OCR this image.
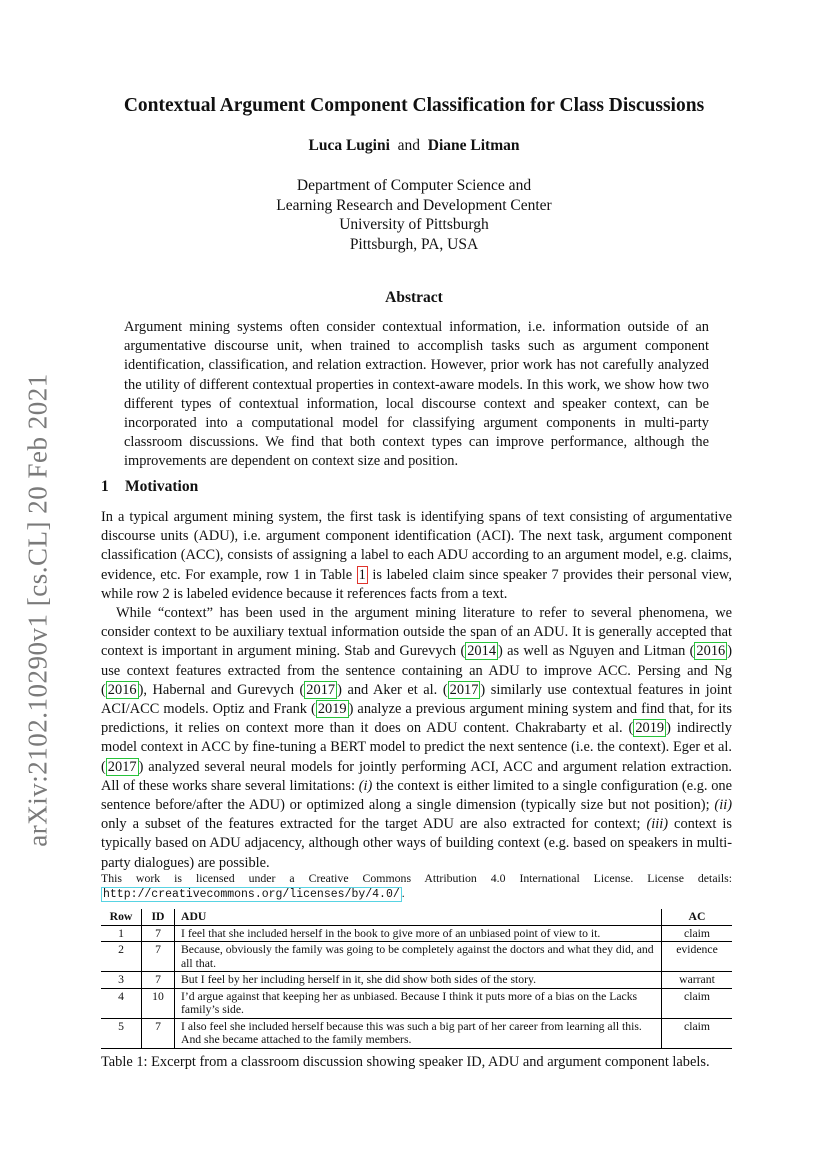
arXiv:2102.10290v1 [cs.CL] 20 Feb 2021
Contextual Argument Component Classification for Class Discussions
Luca Lugini and Diane Litman
Department of Computer Science and
Learning Research and Development Center
University of Pittsburgh
Pittsburgh, PA, USA
Abstract
Argument mining systems often consider contextual information, i.e. information outside of an argumentative discourse unit, when trained to accomplish tasks such as argument component identification, classification, and relation extraction. However, prior work has not carefully analyzed the utility of different contextual properties in context-aware models. In this work, we show how two different types of contextual information, local discourse context and speaker context, can be incorporated into a computational model for classifying argument components in multi-party classroom discussions. We find that both context types can improve performance, although the improvements are dependent on context size and position.
1 Motivation

In a typical argument mining system, the first task is identifying spans of text consisting of argumentative discourse units (ADU), i.e. argument component identification (ACI). The next task, argument component classification (ACC), consists of assigning a label to each ADU according to an argument model, e.g. claims, evidence, etc. For example, row 1 in Table 1 is labeled claim since speaker 7 provides their personal view, while row 2 is labeled evidence because it references facts from a text.

While “context” has been used in the argument mining literature to refer to several phenomena, we consider context to be auxiliary textual information outside the span of an ADU. It is generally accepted that context is important in argument mining. Stab and Gurevych ( 2014 ) as well as Nguyen and Litman ( 2016 ) use context features extracted from the sentence containing an ADU to improve ACC. Persing and Ng ( 2016 ), Habernal and Gurevych ( 2017 ) and Aker et al. ( 2017 ) similarly use contextual features in joint ACI/ACC models. Optiz and Frank ( 2019 ) analyze a previous argument mining system and find that, for its predictions, it relies on context more than it does on ADU content. Chakrabarty et al. ( 2019 ) indirectly model context in ACC by fine-tuning a BERT model to predict the next sentence (i.e. the context). Eger et al. ( 2017 ) analyzed several neural models for jointly performing ACI, ACC and argument relation extraction. All of these works share several limitations: (i) the context is either limited to a single configuration (e.g. one sentence before/after the ADU) or optimized along a single dimension (typically size but not position); (ii) only a subset of the features extracted for the target ADU are also extracted for context; (iii) context is typically based on ADU adjacency, although other ways of building context (e.g. based on speakers in multi-party dialogues) are possible.

This work is licensed under a Creative Commons Attribution 4.0 International License. License details: http://creativecommons.org/licenses/by/4.0/ .
Row	ID	ADU	AC
1	7	I feel that she included herself in the book to give more of an unbiased point of view to it.	claim
2	7	Because, obviously the family was going to be completely against the doctors and what they did, and all that.	evidence
3	7	But I feel by her including herself in it, she did show both sides of the story.	warrant
4	10	I’d argue against that keeping her as unbiased. Because I think it puts more of a bias on the Lacks family’s side.	claim
5	7	I also feel she included herself because this was such a big part of her career from learning all this. And she became attached to the family members.	claim
Table 1: Excerpt from a classroom discussion showing speaker ID, ADU and argument component labels.
